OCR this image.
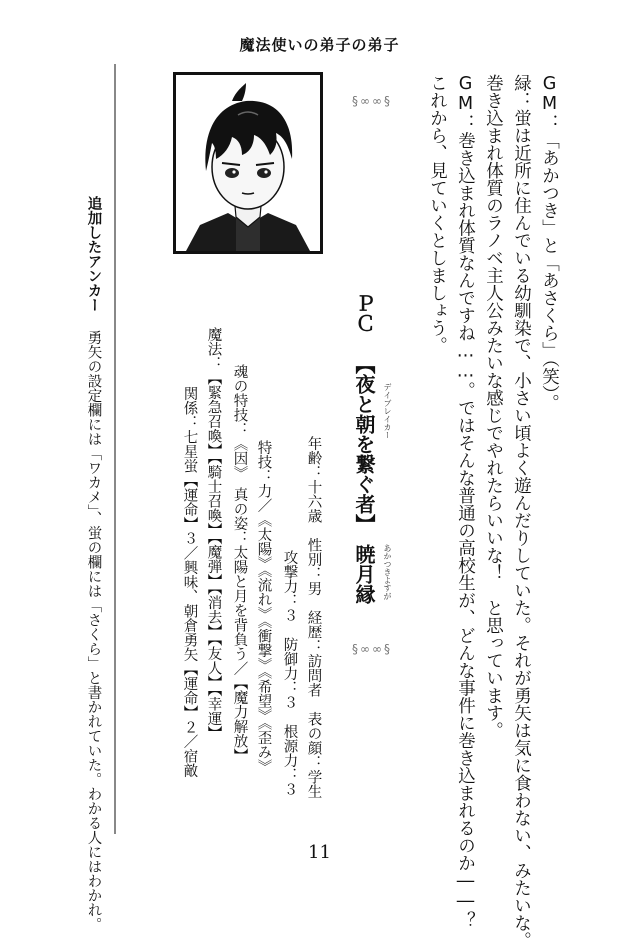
魔法使いの弟子の弟子
GM：「あかつき」と「あさくら」（笑）。
緑：蛍は近所に住んでいる幼馴染で、小さい頃よく遊んだりしていた。それが勇矢は気に食わない、みたいな。
巻き込まれ体質のラノベ主人公みたいな感じでやれたらいいな！　と思っています。
GM：巻き込まれ体質なんですね……。ではそんな普通の高校生が、どんな事件に巻き込まれるのか――？
これから、見ていくとしましょう。
§∞∞§
§∞∞§
ＰＣ
【夜と朝を繋ぐ者】 デイブレイカー
暁月縁 あかつきよすが
年齢：十六歳　性別：男　経歴：訪問者　表の顔：学生
攻撃力：３　防御力：３　根源力：３
特技：力／《太陽》《流れ》《衝撃》《希望》《歪み》
魂の特技：《因》　真の姿：太陽と月を背負う／【魔力解放】
魔法：【緊急召喚】【騎士召喚】【魔弾】【消去】【友人】【幸運】
関係：七星蛍【運命】３／興味、朝倉勇矢【運命】２／宿敵
追加したアンカー
勇矢の設定欄には「ワカメ」、蛍の欄には「さくら」と書かれていた。わかる人にはわかれ。	11
